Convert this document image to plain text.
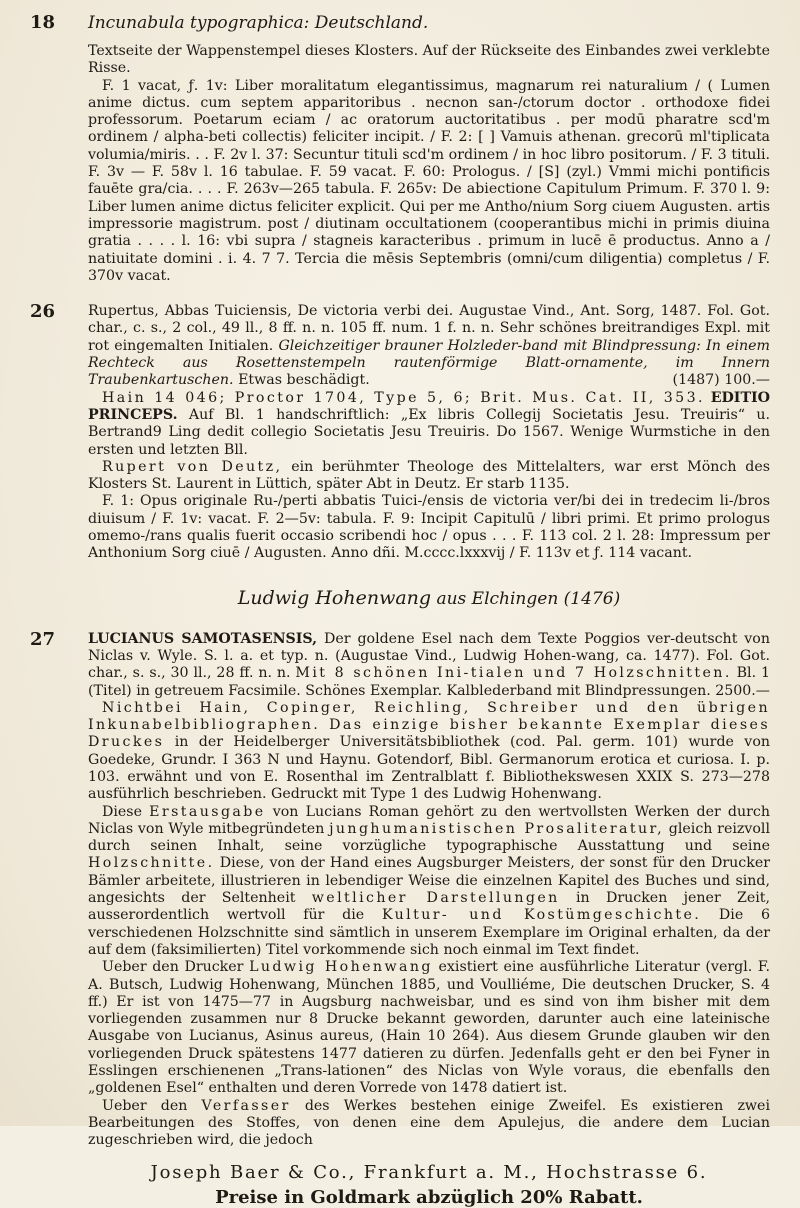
18	Incunabula typographica: Deutschland.

Textseite der Wappenstempel dieses Klosters. Auf der Rückseite des Einbandes zwei verklebte Risse.

F. 1 vacat, ƒ. 1v: Liber moralitatum elegantissimus, magnarum rei naturalium / ( Lumen anime dictus. cum septem apparitoribus . necnon san-/ctorum doctor . orthodoxe fidei professorum. Poetarum eciam / ac oratorum auctoritatibus . per modū pharatre scd'm ordinem / alpha-beti collectis) feliciter incipit. / F. 2: [ ] Vamuis athenan. grecorū ml'tiplicata volumia/miris. . . F. 2v l. 37: Secuntur tituli scd'm ordinem / in hoc libro positorum. / F. 3 tituli. F. 3v — F. 58v l. 16 tabulae. F. 59 vacat. F. 60: Prologus. / [S] (zyl.) Vmmi michi pontificis fauēte gra/cia. . . . F. 263v—265 tabula. F. 265v: De abiectione Capitulum Primum. F. 370 l. 9: Liber lumen anime dictus feliciter explicit. Qui per me Antho/nium Sorg ciuem Augusten. artis impressorie magistrum. post / diutinam occultationem (cooperantibus michi in primis diuina gratia . . . . l. 16: vbi supra / stagneis karacteribus . primum in lucē ē productus. Anno a / natiuitate domini . i. 4. 7 7. Tercia die mēsis Septembris (omni/cum diligentia) completus / F. 370v vacat.

26	Rupertus, Abbas Tuiciensis, De victoria verbi dei. Augustae Vind., Ant. Sorg, 1487. Fol. Got. char., c. s., 2 col., 49 ll., 8 ff. n. n. 105 ff. num. 1 f. n. n. Sehr schönes breitrandiges Expl. mit rot eingemalten Initialen. Gleichzeitiger brauner Holzleder-band mit Blindpressung: In einem Rechteck aus Rosettenstempeln rautenförmige Blatt-ornamente, im Innern Traubenkartuschen. Etwas beschädigt.	(1487) 100.—

Hain 14 046; Proctor 1704, Type 5, 6; Brit. Mus. Cat. II, 353. EDITIO PRINCEPS. Auf Bl. 1 handschriftlich: „Ex libris Collegij Societatis Jesu. Treuiris“ u. Bertrand9 Ling dedit collegio Societatis Jesu Treuiris. Do 1567. Wenige Wurmstiche in den ersten und letzten Bll.

Rupert von Deutz, ein berühmter Theologe des Mittelalters, war erst Mönch des Klosters St. Laurent in Lüttich, später Abt in Deutz. Er starb 1135.

F. 1: Opus originale Ru-/perti abbatis Tuici-/ensis de victoria ver/bi dei in tredecim li-/bros diuisum / F. 1v: vacat. F. 2—5v: tabula. F. 9: Incipit Capitulū / libri primi. Et primo prologus omemo-/rans qualis fuerit occasio scribendi hoc / opus . . . F. 113 col. 2 l. 28: Impressum per Anthonium Sorg ciuē / Augusten. Anno dñi. M.cccc.lxxxvij / F. 113v et ƒ. 114 vacant.

Ludwig Hohenwang aus Elchingen (1476)
27	LUCIANUS SAMOTASENSIS, Der goldene Esel nach dem Texte Poggios ver-deutscht von Niclas v. Wyle. S. l. a. et typ. n. (Augustae Vind., Ludwig Hohen-wang, ca. 1477). Fol. Got. char., s. s., 30 ll., 28 ff. n. n. Mit 8 schönen Ini-tialen und 7 Holzschnitten. Bl. 1 (Titel) in getreuem Facsimile. Schönes Exemplar. Kalblederband mit Blindpressungen. 2500.—

Nichtbei Hain, Copinger, Reichling, Schreiber und den übrigen Inkunabelbibliographen. Das einzige bisher bekannte Exemplar dieses Druckes in der Heidelberger Universitätsbibliothek (cod. Pal. germ. 101) wurde von Goedeke, Grundr. I 363 N und Haynu. Gotendorf, Bibl. Germanorum erotica et curiosa. I. p. 103. erwähnt und von E. Rosenthal im Zentralblatt f. Bibliothekswesen XXIX S. 273—278 ausführlich beschrieben. Gedruckt mit Type 1 des Ludwig Hohenwang.

Diese Erstausgabe von Lucians Roman gehört zu den wertvollsten Werken der durch Niclas von Wyle mitbegründeten junghumanistischen Prosaliteratur, gleich reizvoll durch seinen Inhalt, seine vorzügliche typographische Ausstattung und seine Holzschnitte. Diese, von der Hand eines Augsburger Meisters, der sonst für den Drucker Bämler arbeitete, illustrieren in lebendiger Weise die einzelnen Kapitel des Buches und sind, angesichts der Seltenheit weltlicher Darstellungen in Drucken jener Zeit, ausserordentlich wertvoll für die Kultur- und Kostümgeschichte. Die 6 verschiedenen Holzschnitte sind sämtlich in unserem Exemplare im Original erhalten, da der auf dem (faksimilierten) Titel vorkommende sich noch einmal im Text findet.

Ueber den Drucker Ludwig Hohenwang existiert eine ausführliche Literatur (vergl. F. A. Butsch, Ludwig Hohenwang, München 1885, und Voulliéme, Die deutschen Drucker, S. 4 ff.) Er ist von 1475—77 in Augsburg nachweisbar, und es sind von ihm bisher mit dem vorliegenden zusammen nur 8 Drucke bekannt geworden, darunter auch eine lateinische Ausgabe von Lucianus, Asinus aureus, (Hain 10 264). Aus diesem Grunde glauben wir den vorliegenden Druck spätestens 1477 datieren zu dürfen. Jedenfalls geht er den bei Fyner in Esslingen erschienenen „Trans-lationen“ des Niclas von Wyle voraus, die ebenfalls den „goldenen Esel“ enthalten und deren Vorrede von 1478 datiert ist.

Ueber den Verfasser des Werkes bestehen einige Zweifel. Es existieren zwei Bearbeitungen des Stoffes, von denen eine dem Apulejus, die andere dem Lucian zugeschrieben wird, die jedoch

Joseph Baer & Co., Frankfurt a. M., Hochstrasse 6.
Preise in Goldmark abzüglich 20% Rabatt.
